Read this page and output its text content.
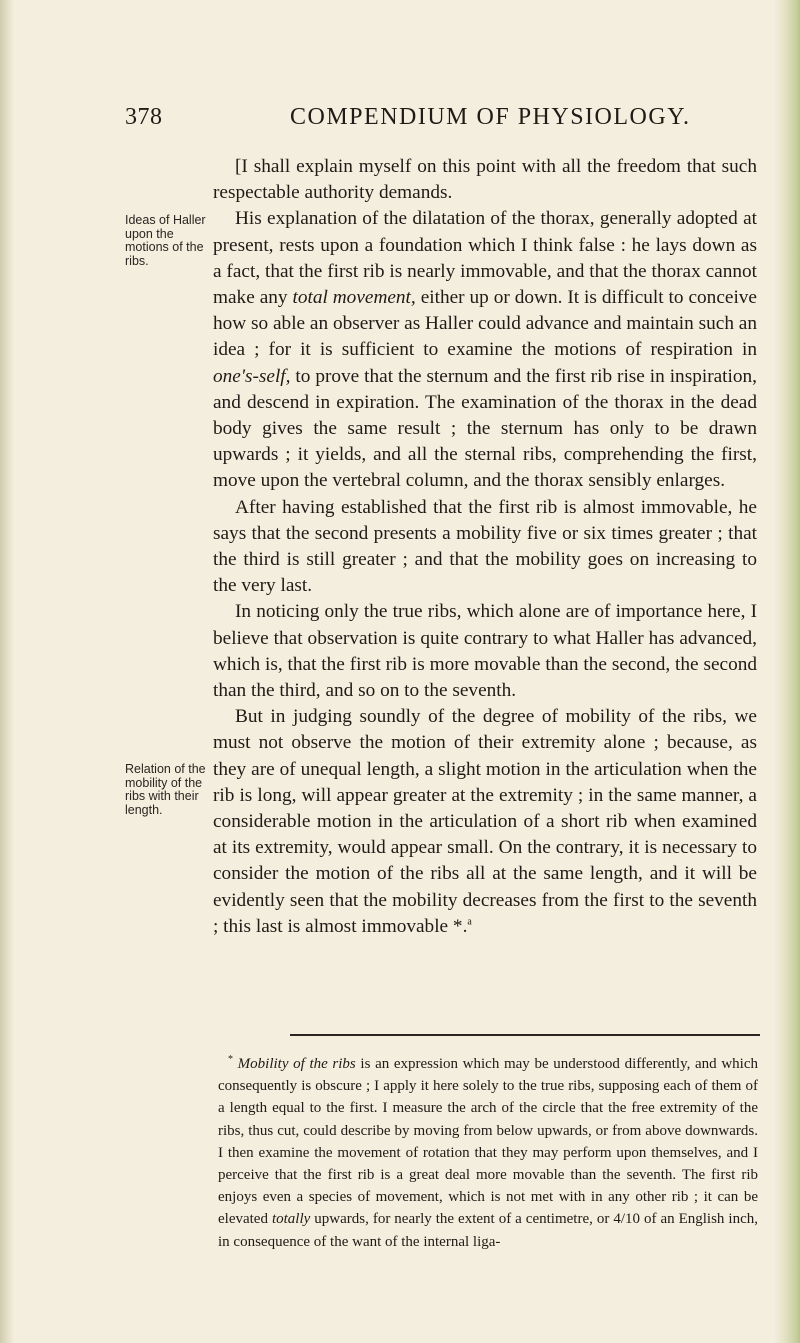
378	COMPENDIUM OF PHYSIOLOGY.
Ideas of Haller upon the motions of the ribs.
Relation of the mobility of the ribs with their length.

[I shall explain myself on this point with all the freedom that such respectable authority demands.

His explanation of the dilatation of the thorax, generally adopted at present, rests upon a foundation which I think false : he lays down as a fact, that the first rib is nearly immovable, and that the thorax cannot make any total movement, either up or down. It is difficult to conceive how so able an observer as Haller could advance and maintain such an idea ; for it is sufficient to examine the motions of respiration in one's-self, to prove that the sternum and the first rib rise in inspiration, and descend in expiration. The examination of the thorax in the dead body gives the same result ; the sternum has only to be drawn upwards ; it yields, and all the sternal ribs, comprehending the first, move upon the vertebral column, and the thorax sensibly enlarges.

After having established that the first rib is almost immovable, he says that the second presents a mobility five or six times greater ; that the third is still greater ; and that the mobility goes on increasing to the very last.

In noticing only the true ribs, which alone are of importance here, I believe that observation is quite contrary to what Haller has advanced, which is, that the first rib is more movable than the second, the second than the third, and so on to the seventh.

But in judging soundly of the degree of mobility of the ribs, we must not observe the motion of their extremity alone ; because, as they are of unequal length, a slight motion in the articulation when the rib is long, will appear greater at the extremity ; in the same manner, a considerable motion in the articulation of a short rib when examined at its extremity, would appear small. On the contrary, it is necessary to consider the motion of the ribs all at the same length, and it will be evidently seen that the mobility decreases from the first to the seventh ; this last is almost immovable *.$^a$

* Mobility of the ribs is an expression which may be understood differently, and which consequently is obscure ; I apply it here solely to the true ribs, supposing each of them of a length equal to the first. I measure the arch of the circle that the free extremity of the ribs, thus cut, could describe by moving from below upwards, or from above downwards. I then examine the movement of rotation that they may perform upon themselves, and I perceive that the first rib is a great deal more movable than the seventh. The first rib enjoys even a species of movement, which is not met with in any other rib ; it can be elevated totally upwards, for nearly the extent of a centimetre, or 4/10 of an English inch, in consequence of the want of the internal liga-
